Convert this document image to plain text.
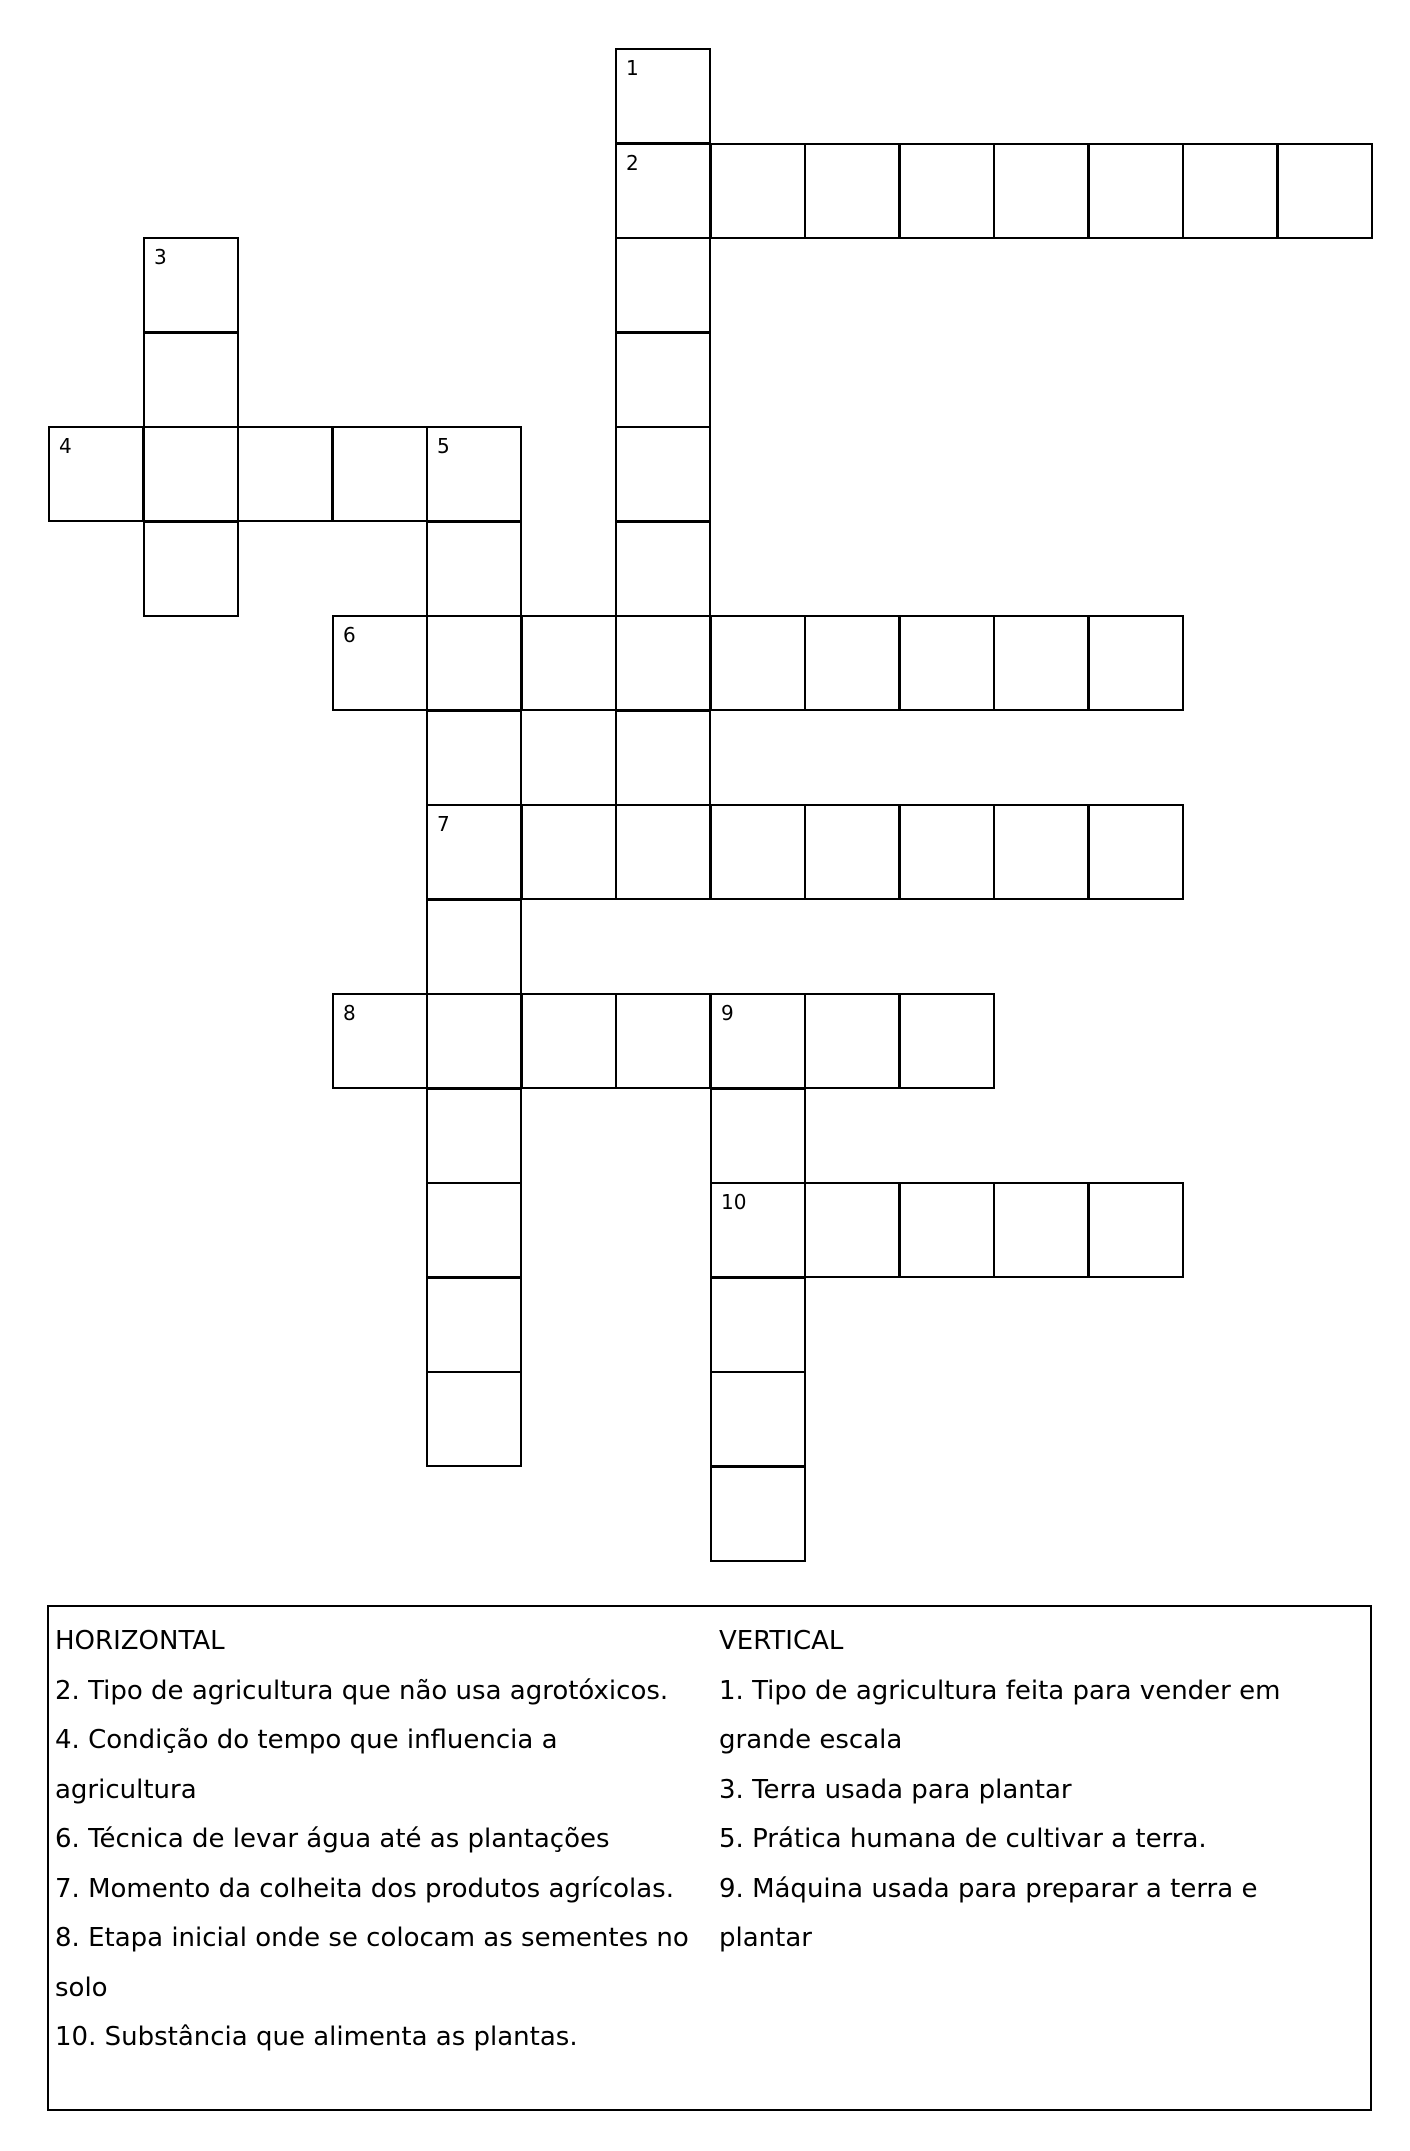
1
2
3
4	5
6
7
8	9
10
HORIZONTAL
2. Tipo de agricultura que não usa agrotóxicos.
4. Condição do tempo que influencia a
agricultura
6. Técnica de levar água até as plantações
7. Momento da colheita dos produtos agrícolas.
8. Etapa inicial onde se colocam as sementes no
solo
10. Substância que alimenta as plantas.
VERTICAL
1. Tipo de agricultura feita para vender em
grande escala
3. Terra usada para plantar
5. Prática humana de cultivar a terra.
9. Máquina usada para preparar a terra e
plantar
